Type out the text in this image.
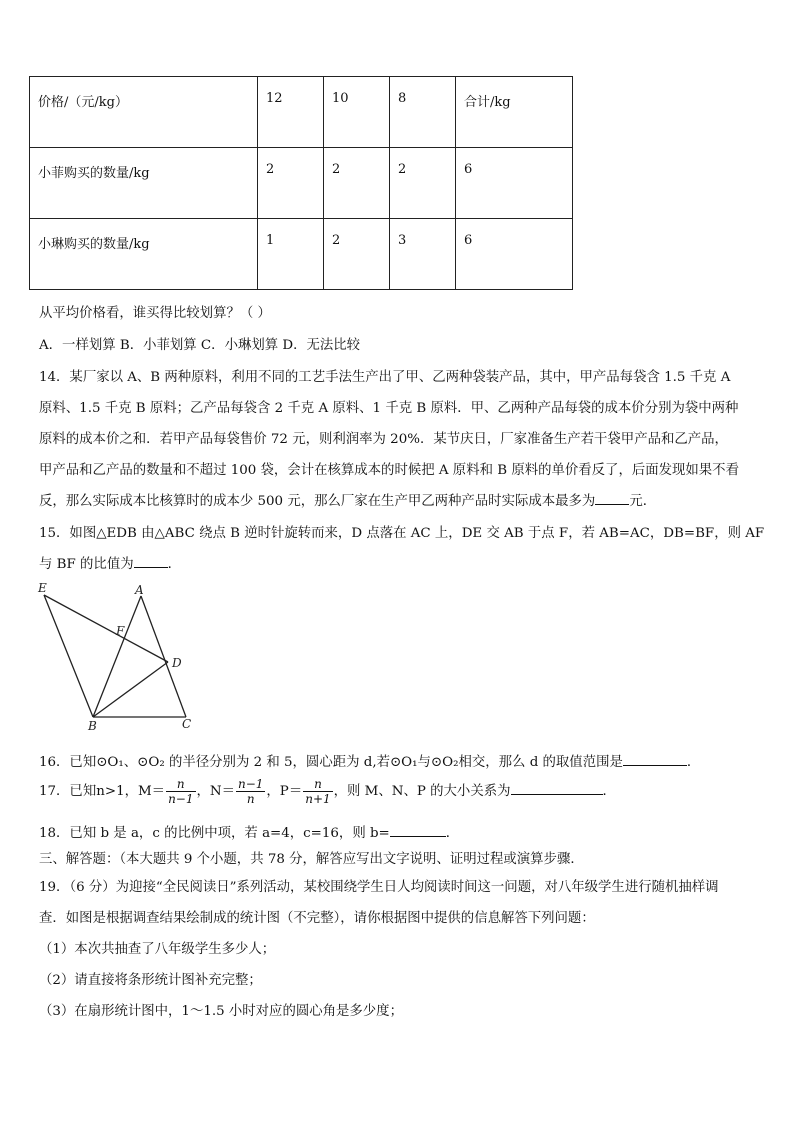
价格/（元/kg）	12	10	8	合计/kg
小菲购买的数量/kg	2	2	2	6
小琳购买的数量/kg	1	2	3	6
从平均价格看，谁买得比较划算？（ ）
A．一样划算 B．小菲划算 C．小琳划算 D．无法比较
14．某厂家以 A、B 两种原料，利用不同的工艺手法生产出了甲、乙两种袋装产品，其中，甲产品每袋含 1.5 千克 A
原料、1.5 千克 B 原料；乙产品每袋含 2 千克 A 原料、1 千克 B 原料．甲、乙两种产品每袋的成本价分别为袋中两种
原料的成本价之和．若甲产品每袋售价 72 元，则利润率为 20%．某节庆日，厂家准备生产若干袋甲产品和乙产品，
甲产品和乙产品的数量和不超过 100 袋，会计在核算成本的时候把 A 原料和 B 原料的单价看反了，后面发现如果不看
反，那么实际成本比核算时的成本少 500 元，那么厂家在生产甲乙两种产品时实际成本最多为	元．
15．如图△EDB 由△ABC 绕点 B 逆时针旋转而来，D 点落在 AC 上，DE 交 AB 于点 F，若 AB=AC，DB=BF，则 AF
与 BF 的比值为	．
E	A
F
D
B	C
16．已知⊙O₁、⊙O₂ 的半径分别为 2 和 5，圆心距为 d,若⊙O₁与⊙O₂相交，那么 d 的取值范围是	．
17．已知n>1，$M= \frac{n}{n-1}$ ，$N= \frac{n-1}{n}$ ，$P= \frac{n}{n+1}$ ，则 M、N、P 的大小关系为	．
18．已知 b 是 a，c 的比例中项，若 a=4，c=16，则 b=	．
三、解答题：（本大题共 9 个小题，共 78 分，解答应写出文字说明、证明过程或演算步骤．
19．（6 分）为迎接“全民阅读日”系列活动，某校围绕学生日人均阅读时间这一问题，对八年级学生进行随机抽样调
查．如图是根据调查结果绘制成的统计图（不完整），请你根据图中提供的信息解答下列问题：
（1）本次共抽查了八年级学生多少人；
（2）请直接将条形统计图补充完整；
（3）在扇形统计图中，1～1.5 小时对应的圆心角是多少度；
